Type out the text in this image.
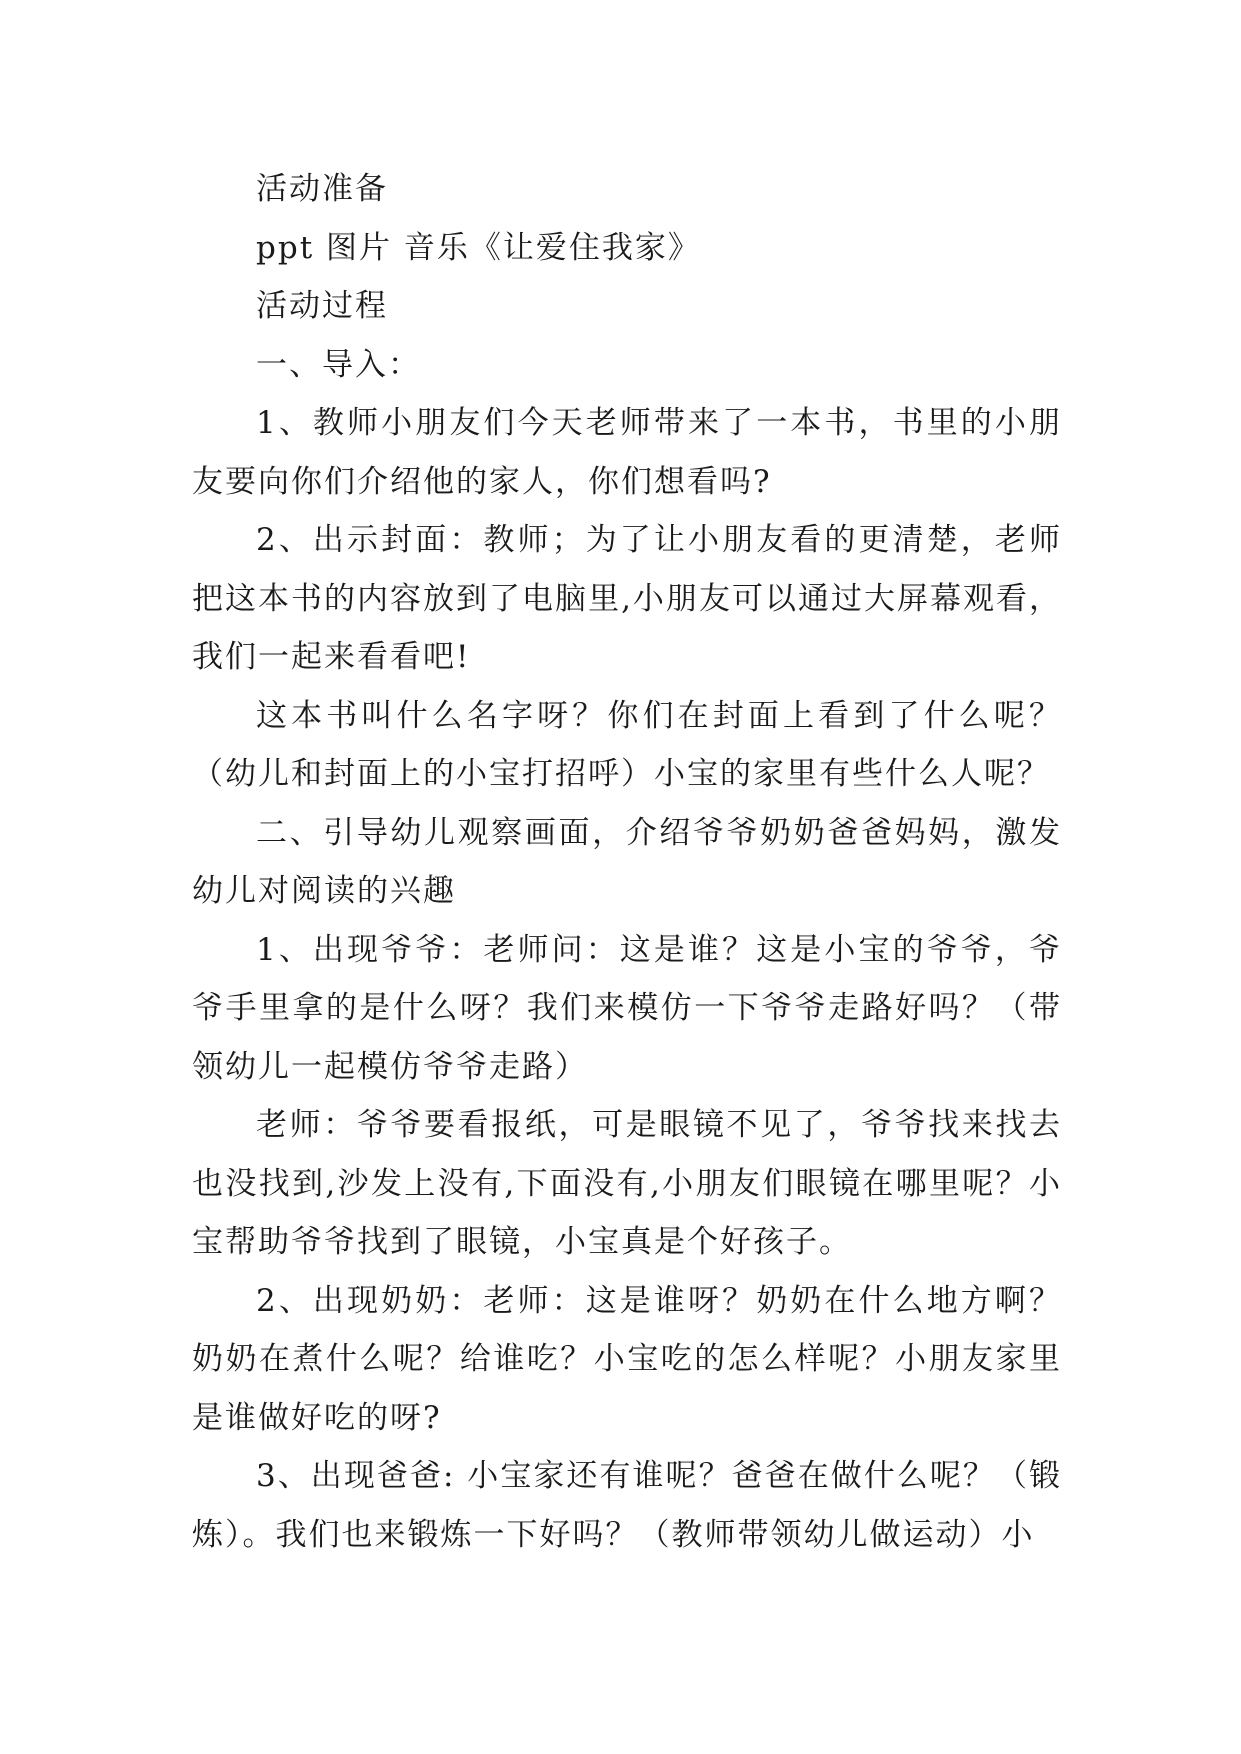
活动准备

ppt 图片 音乐《让爱住我家》

活动过程

一、导入：

1、教师小朋友们今天老师带来了一本书，书里的小朋友要向你们介绍他的家人，你们想看吗?

2、出示封面：教师；为了让小朋友看的更清楚，老师把这本书的内容放到了电脑里,小朋友可以通过大屏幕观看，我们一起来看看吧!

这本书叫什么名字呀？你们在封面上看到了什么呢？（幼儿和封面上的小宝打招呼）小宝的家里有些什么人呢？

二、引导幼儿观察画面，介绍爷爷奶奶爸爸妈妈，激发幼儿对阅读的兴趣

1、出现爷爷：老师问：这是谁？这是小宝的爷爷，爷爷手里拿的是什么呀？我们来模仿一下爷爷走路好吗？（带领幼儿一起模仿爷爷走路）

老师：爷爷要看报纸，可是眼镜不见了，爷爷找来找去也没找到,沙发上没有,下面没有,小朋友们眼镜在哪里呢？小宝帮助爷爷找到了眼镜，小宝真是个好孩子。

2、出现奶奶：老师：这是谁呀？奶奶在什么地方啊？奶奶在煮什么呢？给谁吃？小宝吃的怎么样呢？小朋友家里是谁做好吃的呀?

3、出现爸爸: 小宝家还有谁呢？爸爸在做什么呢？（锻炼）。我们也来锻炼一下好吗？（教师带领幼儿做运动）小
